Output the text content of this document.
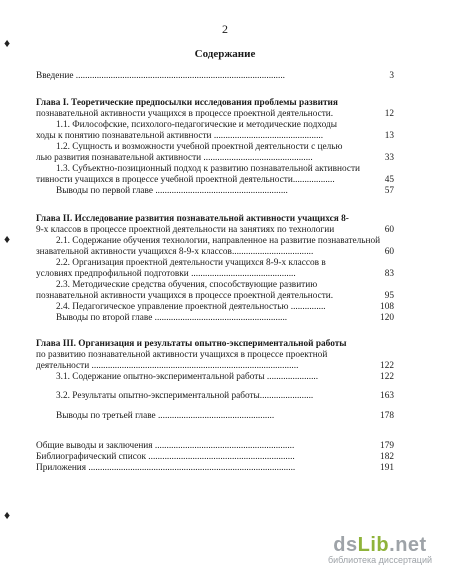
2
Содержание
♦
♦
♦
Введение ..........................................................................................	3
Глава I. Теоретические предпосылки исследования проблемы развития
познавательной активности учащихся в процессе проектной деятельности.	12
1.1. Философские, психолого-педагогические и методические подходы
ходы к понятию познавательной активности ...............................................	13
1.2. Сущность и возможности учебной проектной деятельности с целью
лью развития познавательной активности ...............................................	33
1.3. Субъектно-позиционный подход к развитию познавательной активности
тивности учащихся в процессе учебной проектной деятельности..................	45
Выводы по первой главе .........................................................	57
Глава II. Исследование развития познавательной активности учащихся 8-
9-х классов в процессе проектной деятельности на занятиях по технологии	60
2.1. Содержание обучения технологии, направленное на развитие познавательной
знавательной активности учащихся 8-9-х классов...................................	60
2.2. Организация проектной деятельности учащихся 8-9-х классов в
условиях предпрофильной подготовки .............................................	83
2.3. Методические средства обучения, способствующие развитию
познавательной активности учащихся в процессе проектной деятельности.	95
2.4. Педагогическое управление проектной деятельностью ...............	108
Выводы по второй главе .........................................................	120
Глава III. Организация и результаты опытно-экспериментальной работы
по развитию познавательной активности учащихся в процессе проектной
деятельности .........................................................................................	122
3.1. Содержание опытно-экспериментальной работы ......................	122
3.2. Результаты опытно-экспериментальной работы.......................	163
Выводы по третьей главе ..................................................	178
Общие выводы и заключения ............................................................	179
Библиографический список ...............................................................	182
Приложения .........................................................................................	191
dsLib.net
библиотека диссертаций
